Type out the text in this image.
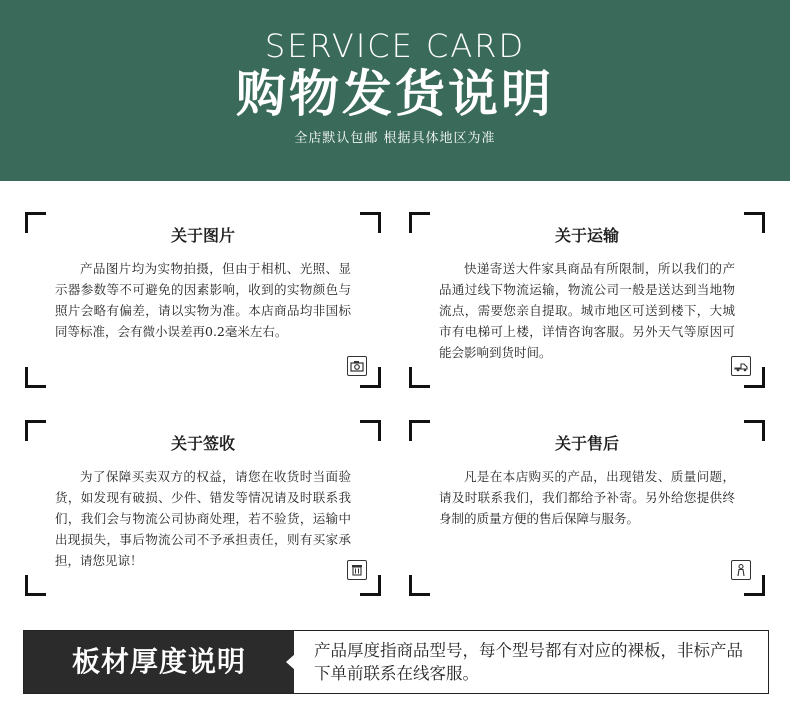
SERVICE CARD
购物发货说明
全店默认包邮 根据具体地区为准
关于图片

产品图片均为实物拍摄，但由于相机、光照、显示器参数等不可避免的因素影响，收到的实物颜色与照片会略有偏差，请以实物为准。本店商品均非国标同等标准，会有微小误差再0.2毫米左右。

关于运输

快递寄送大件家具商品有所限制，所以我们的产品通过线下物流运输，物流公司一般是送达到当地物流点，需要您亲自提取。城市地区可送到楼下，大城市有电梯可上楼，详情咨询客服。另外天气等原因可能会影响到货时间。

关于签收

为了保障买卖双方的权益，请您在收货时当面验货，如发现有破损、少件、错发等情况请及时联系我们，我们会与物流公司协商处理，若不验货，运输中出现损失，事后物流公司不予承担责任，则有买家承担，请您见谅！

关于售后

凡是在本店购买的产品，出现错发、质量问题，请及时联系我们，我们都给予补寄。另外给您提供终身制的质量方便的售后保障与服务。

板材厚度说明	产品厚度指商品型号，每个型号都有对应的裸板，非标产品下单前联系在线客服。
